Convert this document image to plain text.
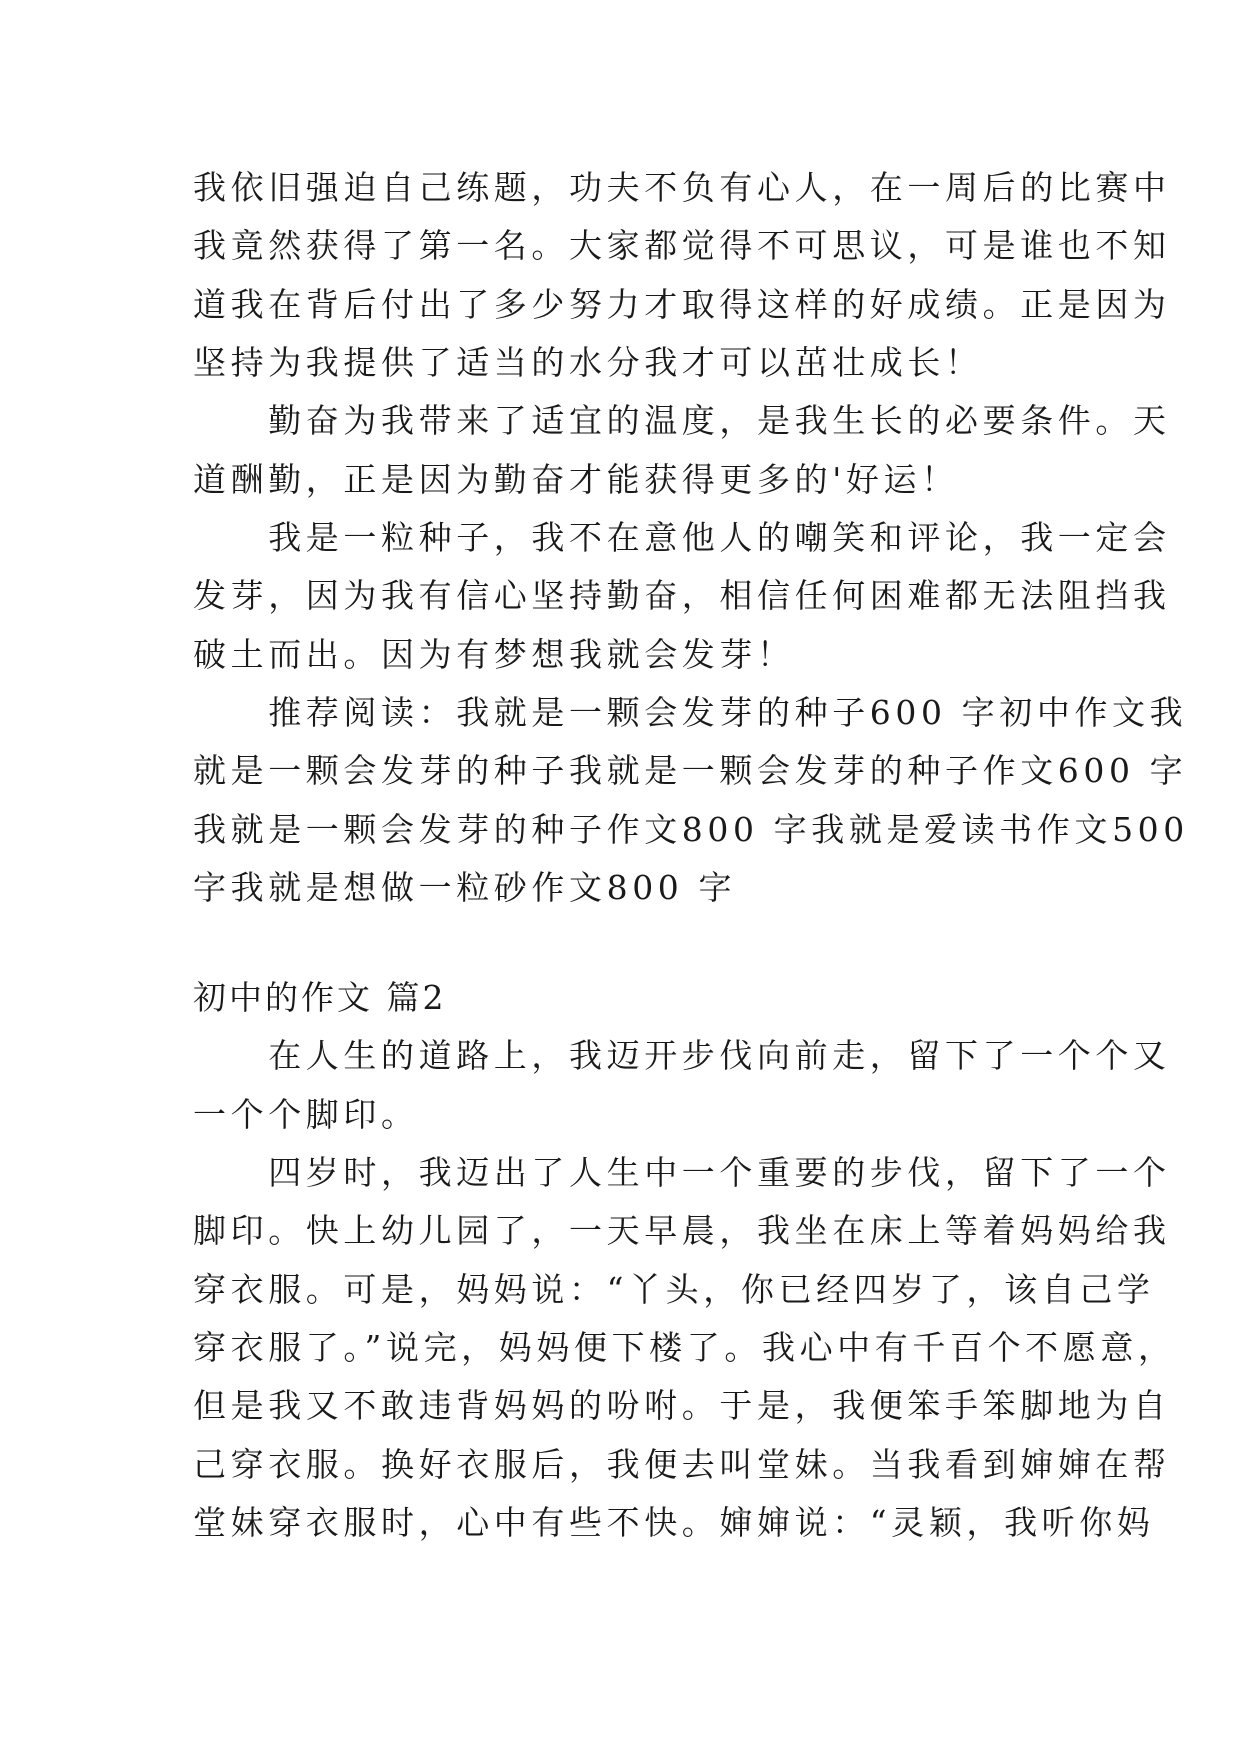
我依旧强迫自己练题，功夫不负有心人，在一周后的比赛中
我竟然获得了第一名。大家都觉得不可思议，可是谁也不知
道我在背后付出了多少努力才取得这样的好成绩。正是因为
坚持为我提供了适当的水分我才可以茁壮成长！
　　勤奋为我带来了适宜的温度，是我生长的必要条件。天
道酬勤，正是因为勤奋才能获得更多的'好运！
　　我是一粒种子，我不在意他人的嘲笑和评论，我一定会
发芽，因为我有信心坚持勤奋，相信任何困难都无法阻挡我
破土而出。因为有梦想我就会发芽！
　　推荐阅读：我就是一颗会发芽的种子600 字初中作文我
就是一颗会发芽的种子我就是一颗会发芽的种子作文600 字
我就是一颗会发芽的种子作文800 字我就是爱读书作文500
字我就是想做一粒砂作文800 字
初中的作文 篇2
　　在人生的道路上，我迈开步伐向前走，留下了一个个又
一个个脚印。
　　四岁时，我迈出了人生中一个重要的步伐，留下了一个
脚印。快上幼儿园了，一天早晨，我坐在床上等着妈妈给我
穿衣服。可是，妈妈说：“丫头，你已经四岁了，该自己学
穿衣服了。”说完，妈妈便下楼了。我心中有千百个不愿意，
但是我又不敢违背妈妈的吩咐。于是，我便笨手笨脚地为自
己穿衣服。换好衣服后，我便去叫堂妹。当我看到婶婶在帮
堂妹穿衣服时，心中有些不快。婶婶说：“灵颖，我听你妈
